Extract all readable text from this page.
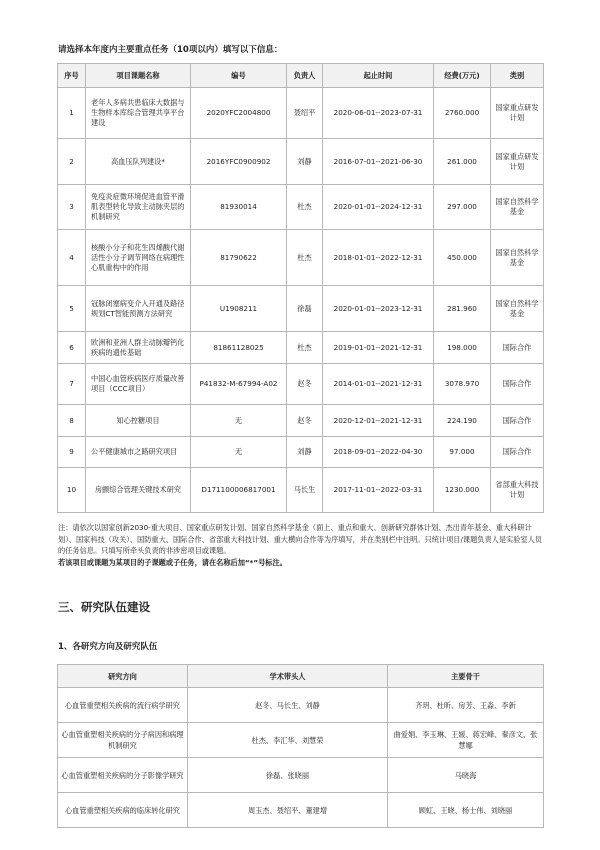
请选择本年度内主要重点任务（10项以内）填写以下信息：
序号	项目课题名称	编号	负责人	起止时间	经费(万元)	类别
1	老年人多病共患临床大数据与生物样本库综合管理共享平台建设	2020YFC2004800	聂绍平	2020-06-01--2023-07-31	2760.000	国家重点研发计划
2	高血压队列建设*	2016YFC0900902	刘静	2016-07-01--2021-06-30	261.000	国家重点研发计划
3	免疫炎症微环境促进血管平滑肌表型转化导致主动脉夹层的机制研究	81930014	杜杰	2020-01-01--2024-12-31	297.000	国家自然科学基金
4	核酸小分子和花生四烯酸代谢活性小分子调节网络在病理性心肌重构中的作用	81790622	杜杰	2018-01-01--2022-12-31	450.000	国家自然科学基金
5	冠脉闭塞病变介入开通及路径规划CT智能预测方法研究	U1908211	徐磊	2020-01-01--2023-12-31	281.960	国家自然科学基金
6	欧洲和亚洲人群主动脉瓣钙化疾病的遗传基础	81861128025	杜杰	2019-01-01--2021-12-31	198.000	国际合作
7	中国心血管疾病医疗质量改善项目（CCC项目）	P41832-M-67994-A02	赵冬	2014-01-01--2021-12-31	3078.970	国际合作
8	知心控糖项目	无	赵冬	2020-12-01--2021-12-31	224.190	国际合作
9	公平健康城市之路研究项目	无	刘静	2018-09-01--2022-04-30	97.000	国际合作
10	房颤综合管理关键技术研究	D171100006817001	马长生	2017-11-01--2022-03-31	1230.000	省部重大科技计划
注：请依次以国家创新2030-重大项目、国家重点研发计划、国家自然科学基金（面上、重点和重大、创新研究群体计划、杰出青年基金、重大科研计划）、国家科技（攻关）、国防重大、国际合作、省部重大科技计划、重大横向合作等为序填写，并在类别栏中注明。只统计项目/课题负责人是实验室人员的任务信息。只填写所牵头负责的非涉密项目或课题。
若该项目或课题为某项目的子课题或子任务，请在名称后加“*”号标注。
三、研究队伍建设
1、各研究方向及研究队伍
研究方向	学术带头人	主要骨干
心血管重塑相关疾病的流行病学研究	赵冬、马长生、刘静	齐玥、杜昕、房芳、王淼、李新
心血管重塑相关疾病的分子病因和病理机制研究	杜杰、李汇华、刘慧荣	曲爱娟、李玉琳、王媛、蒋宏峰、秦彦文、张慧娜
心血管重塑相关疾病的分子影像学研究	徐磊、张晓丽	马晓海
心血管重塑相关疾病的临床转化研究	周玉杰、聂绍平、董建增	顾虹、王晓、杨士伟、刘晓丽
